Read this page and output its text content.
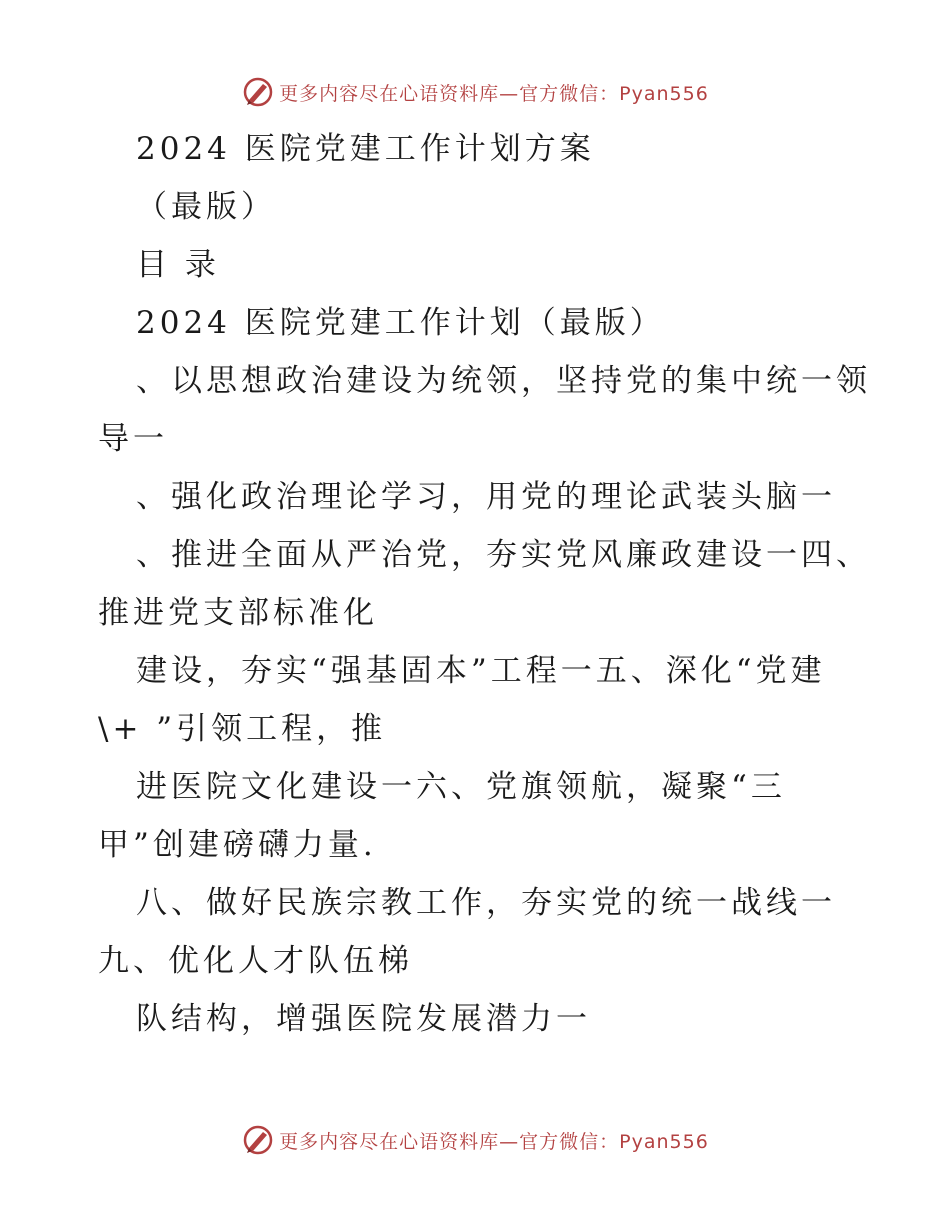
更多内容尽在心语资料库—官方微信：Pyan556
2024 医院党建工作计划方案
（最版）
目 录
2024 医院党建工作计划（最版）
、以思想政治建设为统领，坚持党的集中统一领
导一
、强化政治理论学习，用党的理论武装头脑一
、推进全面从严治党，夯实党风廉政建设一四、
推进党支部标准化
建设，夯实“强基固本”工程一五、深化“党建
\+ ”引领工程，推
进医院文化建设一六、党旗领航，凝聚“三
甲”创建磅礴力量.
八、做好民族宗教工作，夯实党的统一战线一
九、优化人才队伍梯
队结构，增强医院发展潜力一
更多内容尽在心语资料库—官方微信：Pyan556
